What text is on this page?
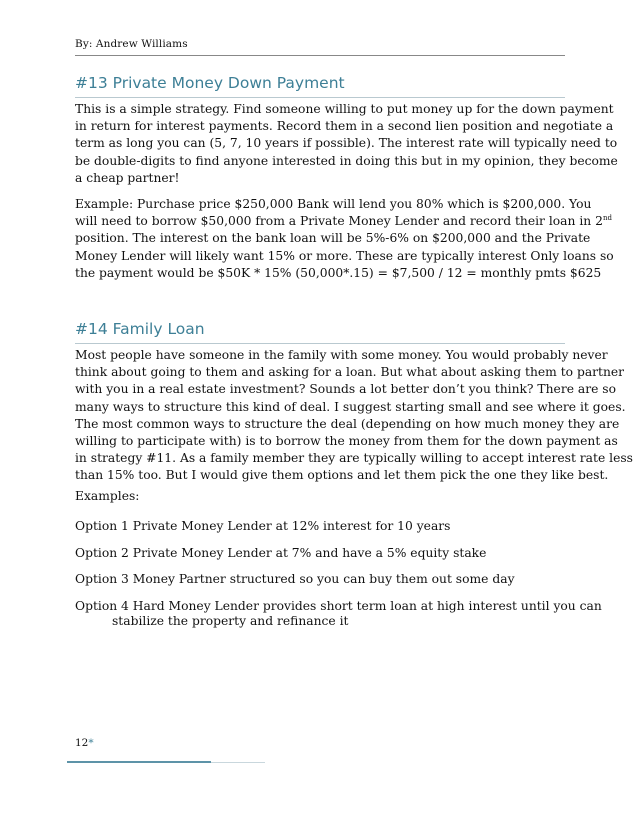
By: Andrew Williams
#13 Private Money Down Payment
This is a simple strategy. Find someone willing to put money up for the down payment
in return for interest payments. Record them in a second lien position and negotiate a
term as long you can (5, 7, 10 years if possible). The interest rate will typically need to
be double-digits to find anyone interested in doing this but in my opinion, they become
a cheap partner!
Example: Purchase price $250,000 Bank will lend you 80% which is $200,000. You
will need to borrow $50,000 from a Private Money Lender and record their loan in 2nd
position. The interest on the bank loan will be 5%-6% on $200,000 and the Private
Money Lender will likely want 15% or more. These are typically interest Only loans so
the payment would be $50K * 15% (50,000*.15) = $7,500 / 12 = monthly pmts $625
#14 Family Loan
Most people have someone in the family with some money. You would probably never
think about going to them and asking for a loan. But what about asking them to partner
with you in a real estate investment? Sounds a lot better don’t you think? There are so
many ways to structure this kind of deal. I suggest starting small and see where it goes.
The most common ways to structure the deal (depending on how much money they are
willing to participate with) is to borrow the money from them for the down payment as
in strategy #11. As a family member they are typically willing to accept interest rate less
than 15% too. But I would give them options and let them pick the one they like best.
Examples:
Option 1 Private Money Lender at 12% interest for 10 years
Option 2 Private Money Lender at 7% and have a 5% equity stake
Option 3 Money Partner structured so you can buy them out some day
Option 4 Hard Money Lender provides short term loan at high interest until you can
stabilize the property and refinance it
12*
